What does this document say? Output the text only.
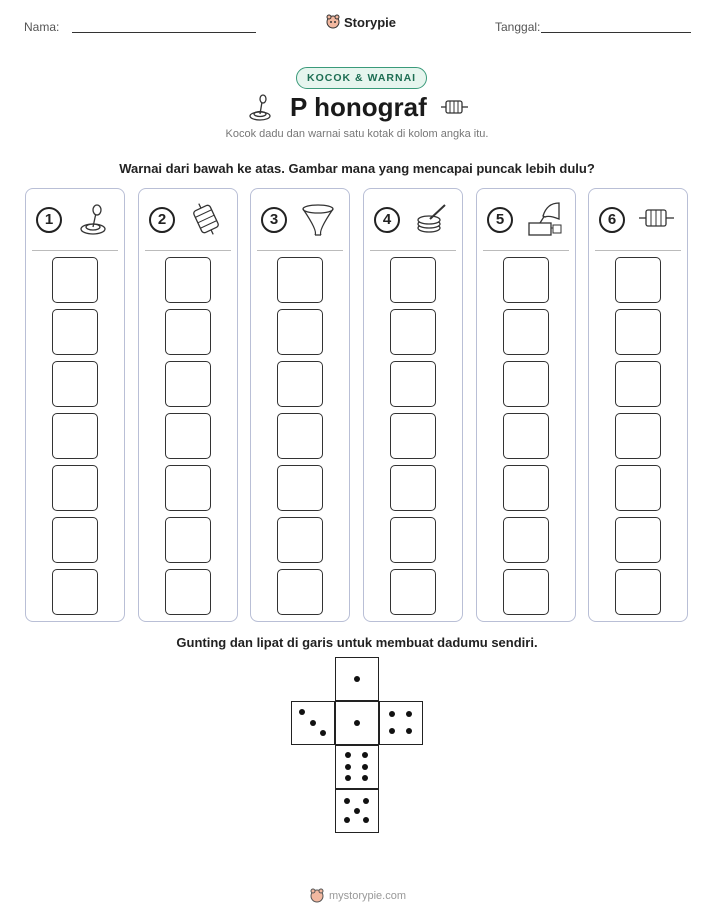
Nama:	Storypie	Tanggal:
KOCOK & WARNAI
P honograf
Kocok dadu dan warnai satu kotak di kolom angka itu.
Warnai dari bawah ke atas. Gambar mana yang mencapai puncak lebih dulu?
1	2	3	4	5	6
Gunting dan lipat di garis untuk membuat dadumu sendiri.
mystorypie.com
